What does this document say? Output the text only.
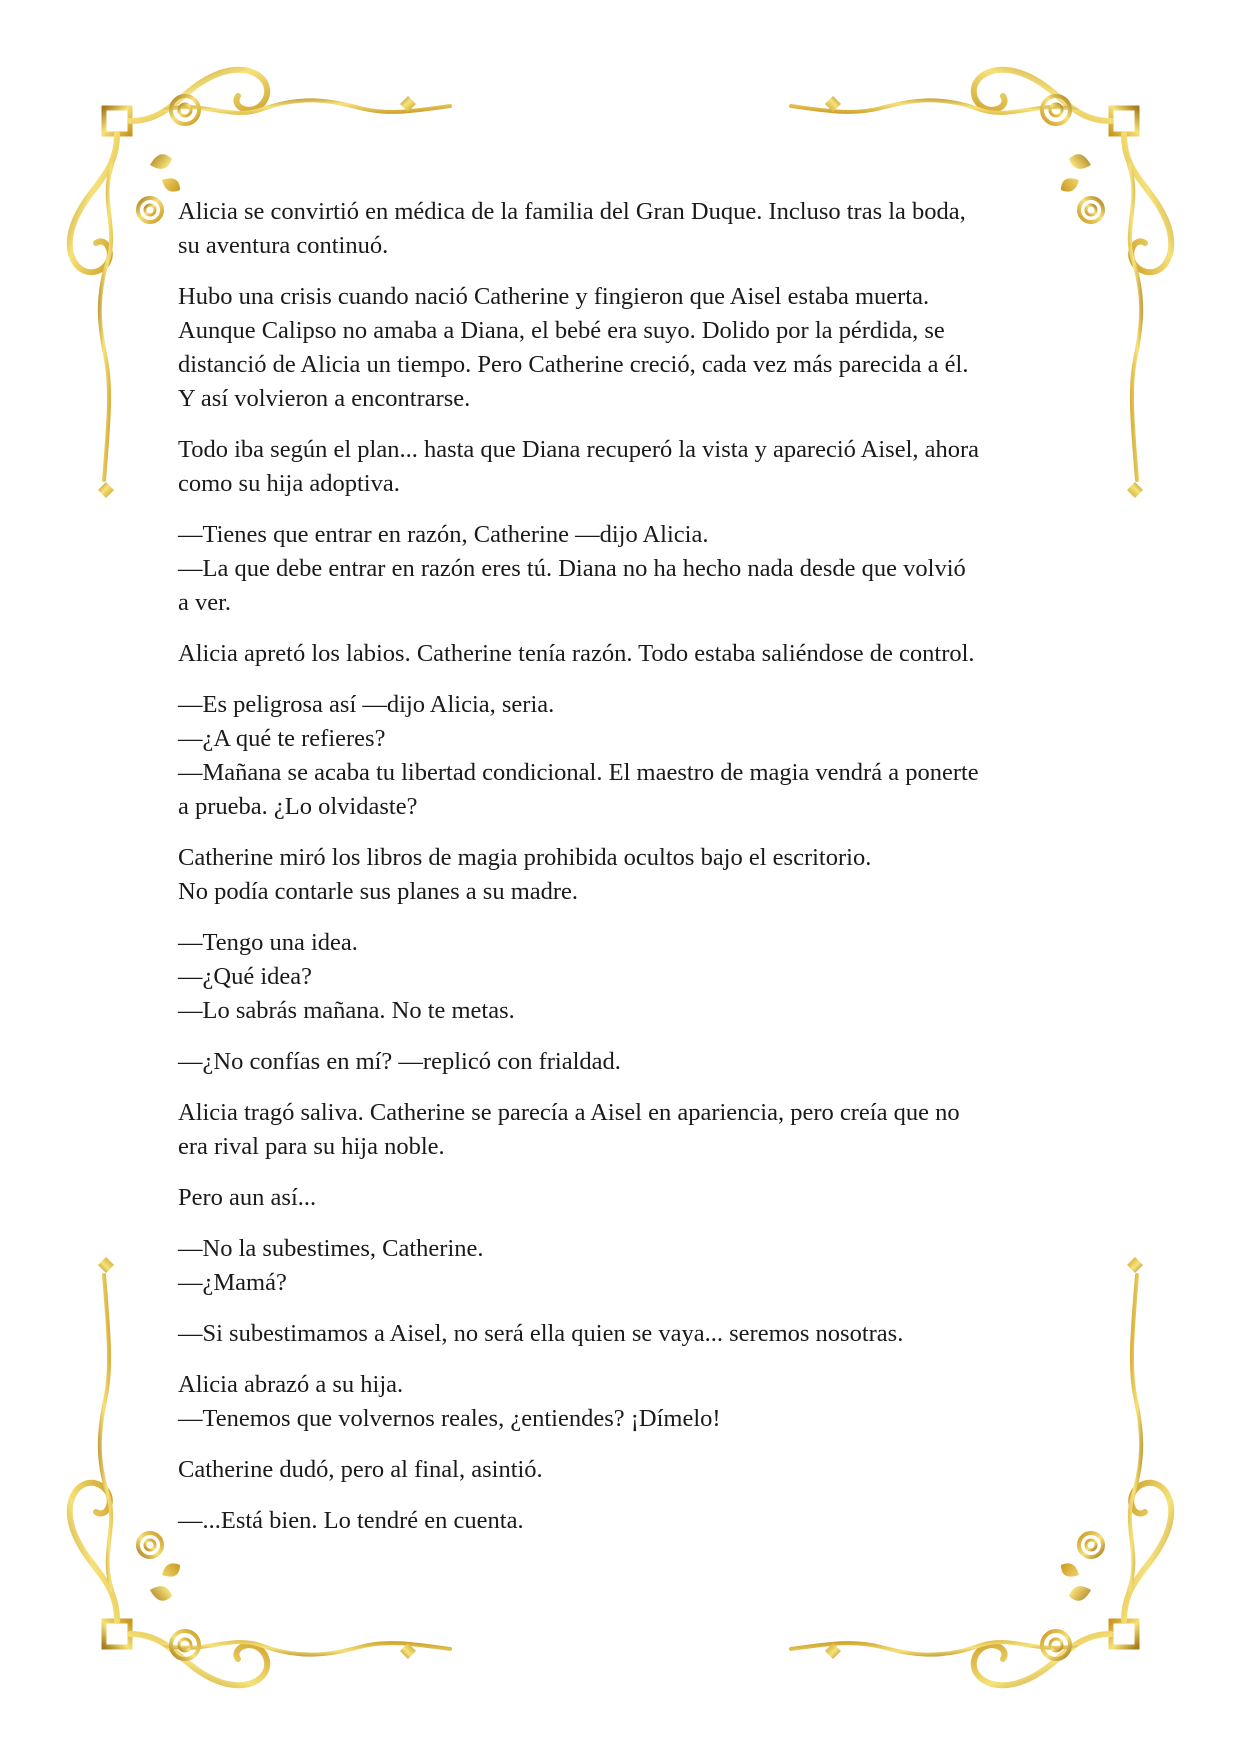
Alicia se convirtió en médica de la familia del Gran Duque. Incluso tras la boda,
su aventura continuó.
Hubo una crisis cuando nació Catherine y fingieron que Aisel estaba muerta.
Aunque Calipso no amaba a Diana, el bebé era suyo. Dolido por la pérdida, se
distanció de Alicia un tiempo. Pero Catherine creció, cada vez más parecida a él.
Y así volvieron a encontrarse.
Todo iba según el plan... hasta que Diana recuperó la vista y apareció Aisel, ahora
como su hija adoptiva.
—Tienes que entrar en razón, Catherine —dijo Alicia.
—La que debe entrar en razón eres tú. Diana no ha hecho nada desde que volvió
a ver.
Alicia apretó los labios. Catherine tenía razón. Todo estaba saliéndose de control.
—Es peligrosa así —dijo Alicia, seria.
—¿A qué te refieres?
—Mañana se acaba tu libertad condicional. El maestro de magia vendrá a ponerte
a prueba. ¿Lo olvidaste?
Catherine miró los libros de magia prohibida ocultos bajo el escritorio.
No podía contarle sus planes a su madre.
—Tengo una idea.
—¿Qué idea?
—Lo sabrás mañana. No te metas.
—¿No confías en mí? —replicó con frialdad.
Alicia tragó saliva. Catherine se parecía a Aisel en apariencia, pero creía que no
era rival para su hija noble.
Pero aun así...
—No la subestimes, Catherine.
—¿Mamá?
—Si subestimamos a Aisel, no será ella quien se vaya... seremos nosotras.
Alicia abrazó a su hija.
—Tenemos que volvernos reales, ¿entiendes? ¡Dímelo!
Catherine dudó, pero al final, asintió.
—...Está bien. Lo tendré en cuenta.
